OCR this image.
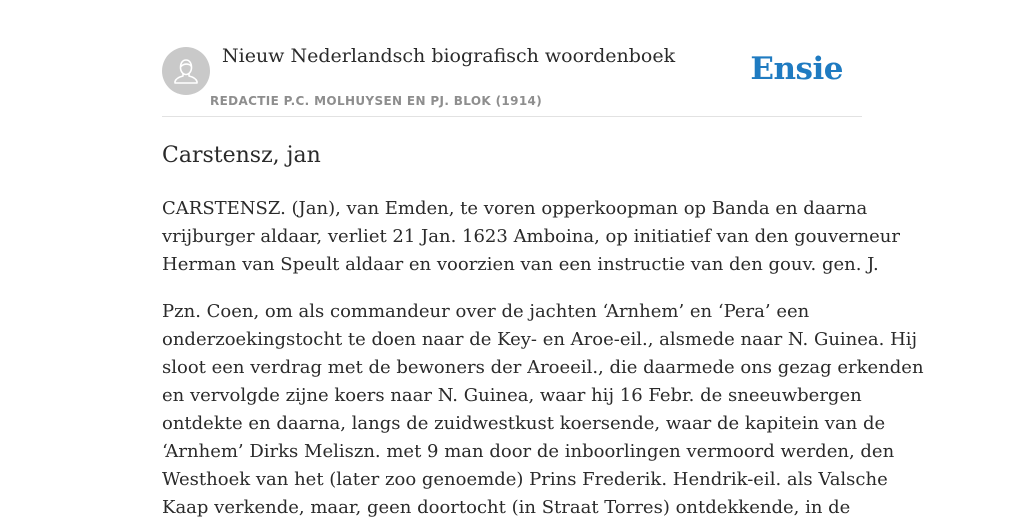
Nieuw Nederlandsch biografisch woordenboek
REDACTIE P.C. MOLHUYSEN EN PJ. BLOK (1914)
Ensie
Carstensz, jan

CARSTENSZ. (Jan), van Emden, te voren opperkoopman op Banda en daarna
vrijburger aldaar, verliet 21 Jan. 1623 Amboina, op initiatief van den gouverneur
Herman van Speult aldaar en voorzien van een instructie van den gouv. gen. J.

Pzn. Coen, om als commandeur over de jachten ‘Arnhem’ en ‘Pera’ een
onderzoekingstocht te doen naar de Key- en Aroe-eil., alsmede naar N. Guinea. Hij
sloot een verdrag met de bewoners der Aroeeil., die daarmede ons gezag erkenden
en vervolgde zijne koers naar N. Guinea, waar hij 16 Febr. de sneeuwbergen
ontdekte en daarna, langs de zuidwestkust koersende, waar de kapitein van de
‘Arnhem’ Dirks Meliszn. met 9 man door de inboorlingen vermoord werden, den
Westhoek van het (later zoo genoemde) Prins Frederik. Hendrik-eil. als Valsche
Kaap verkende, maar, geen doortocht (in Straat Torres) ontdekkende, in de
